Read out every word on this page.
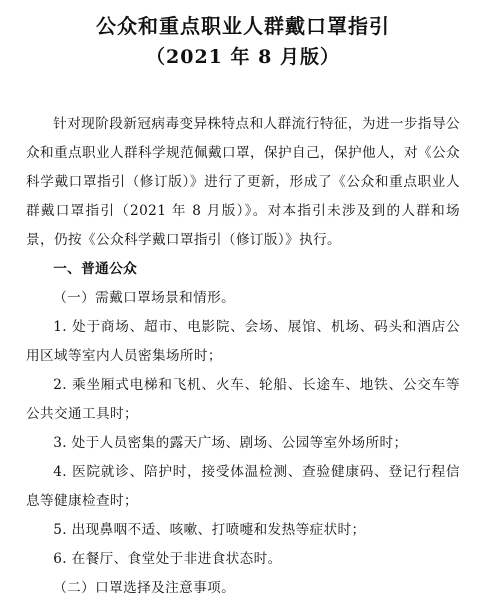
公众和重点职业人群戴口罩指引
（2021 年 8 月版）

针对现阶段新冠病毒变异株特点和人群流行特征，为进一步指导公众和重点职业人群科学规范佩戴口罩，保护自己，保护他人，对《公众科学戴口罩指引（修订版）》进行了更新，形成了《公众和重点职业人群戴口罩指引（2021 年 8 月版）》。对本指引未涉及到的人群和场景，仍按《公众科学戴口罩指引（修订版）》执行。

一、普通公众

（一）需戴口罩场景和情形。

1. 处于商场、超市、电影院、会场、展馆、机场、码头和酒店公用区域等室内人员密集场所时；

2. 乘坐厢式电梯和飞机、火车、轮船、长途车、地铁、公交车等公共交通工具时；

3. 处于人员密集的露天广场、剧场、公园等室外场所时；

4. 医院就诊、陪护时，接受体温检测、查验健康码、登记行程信息等健康检查时；

5. 出现鼻咽不适、咳嗽、打喷嚏和发热等症状时；

6. 在餐厅、食堂处于非进食状态时。

（二）口罩选择及注意事项。
